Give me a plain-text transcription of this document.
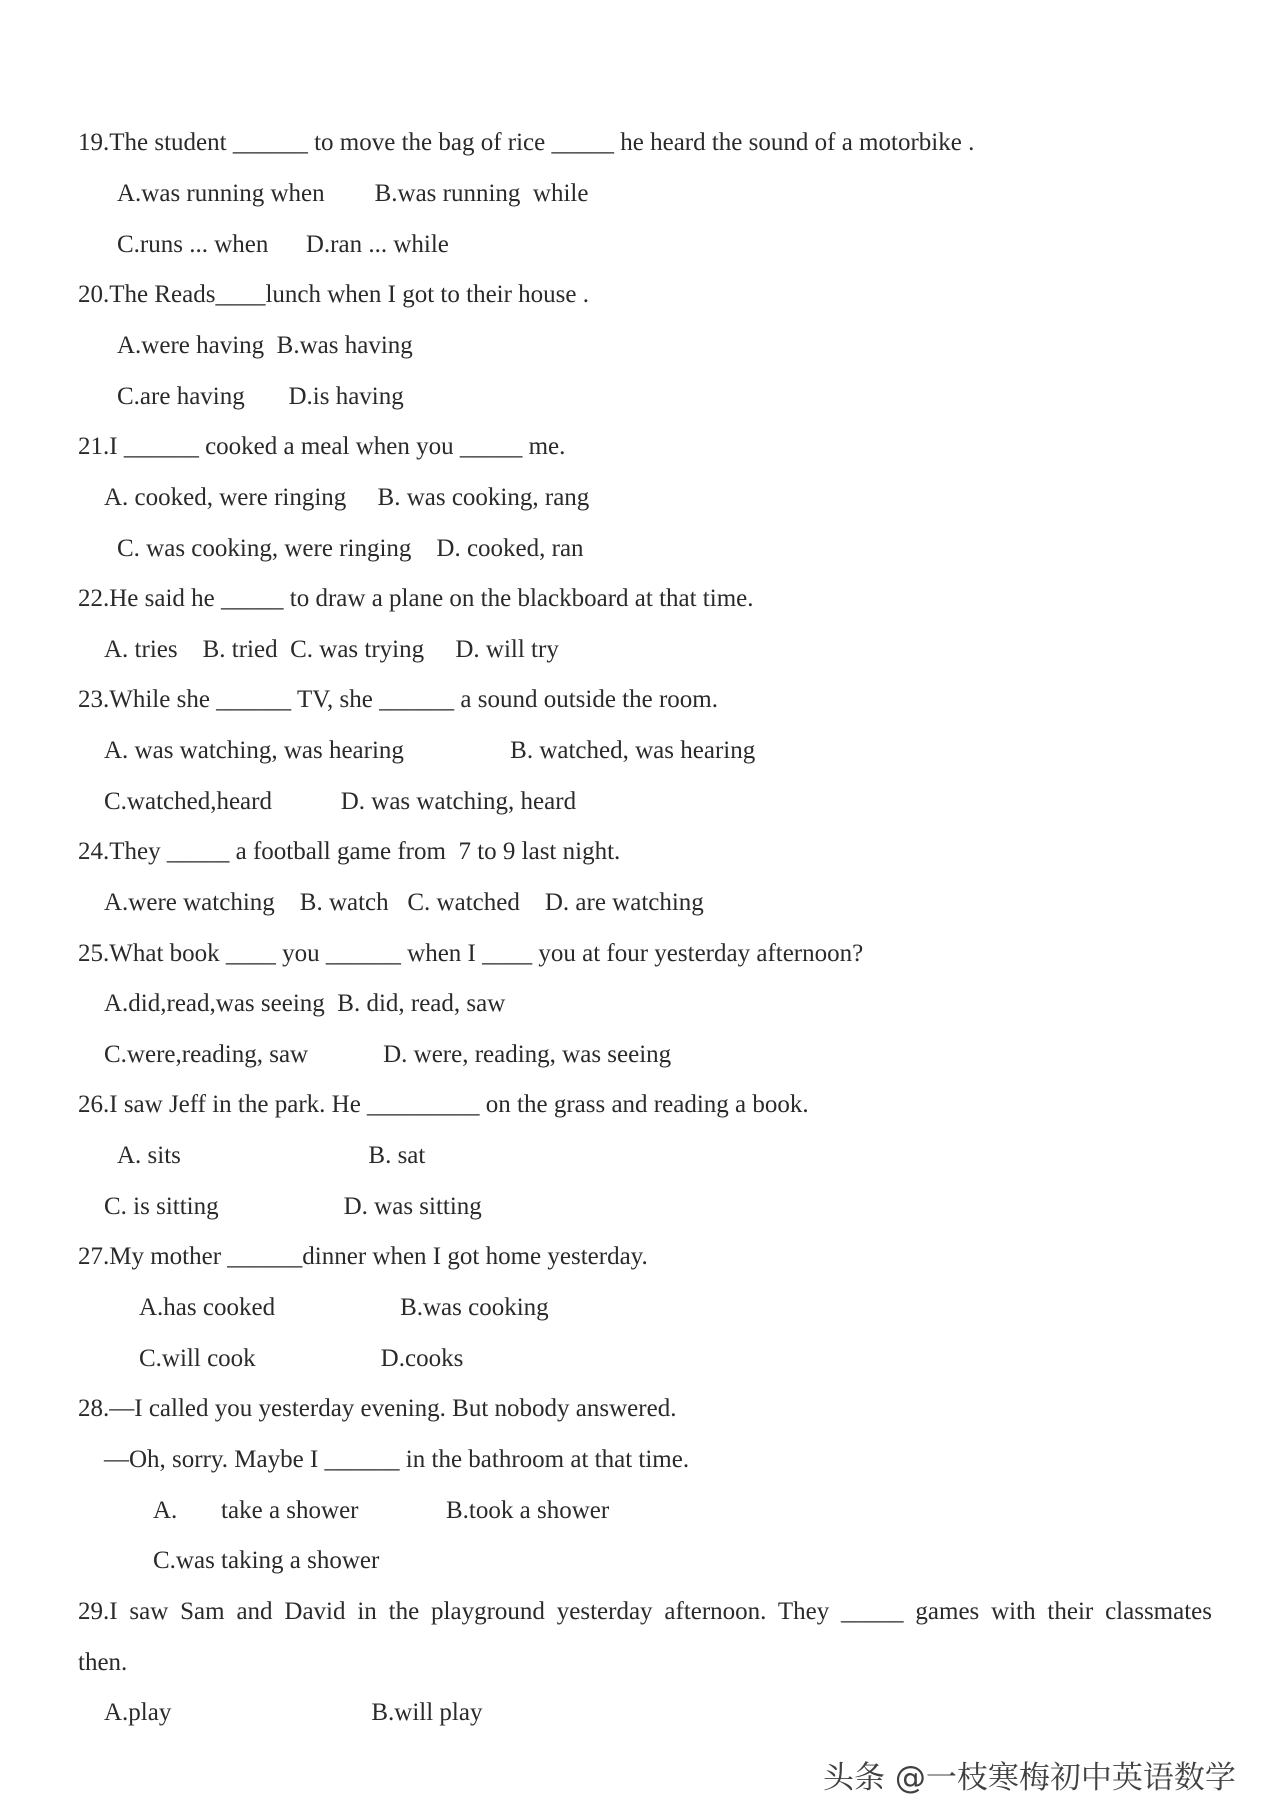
19.The student ______ to move the bag of rice _____ he heard the sound of a motorbike .
A.was running when        B.was running  while
C.runs ... when      D.ran ... while
20.The Reads____lunch when I got to their house .
A.were having  B.was having
C.are having       D.is having
21.I ______ cooked a meal when you _____ me.
A. cooked, were ringing     B. was cooking, rang
C. was cooking, were ringing    D. cooked, ran
22.He said he _____ to draw a plane on the blackboard at that time.
A. tries    B. tried  C. was trying     D. will try
23.While she ______ TV, she ______ a sound outside the room.
A. was watching, was hearing                 B. watched, was hearing
C.watched,heard           D. was watching, heard
24.They _____ a football game from  7 to 9 last night.
A.were watching    B. watch   C. watched    D. are watching
25.What book ____ you ______ when I ____ you at four yesterday afternoon?
A.did,read,was seeing  B. did, read, saw
C.were,reading, saw            D. were, reading, was seeing
26.I saw Jeff in the park. He _________ on the grass and reading a book.
A. sits                              B. sat
C. is sitting                    D. was sitting
27.My mother ______dinner when I got home yesterday.
A.has cooked                    B.was cooking
C.will cook                    D.cooks
28.—I called you yesterday evening. But nobody answered.
—Oh, sorry. Maybe I ______ in the bathroom at that time.
A.       take a shower              B.took a shower
C.was taking a shower
29.I saw Sam and David in the playground yesterday afternoon. They _____ games with their classmates
then.
A.play                                B.will play
头条 @一枝寒梅初中英语数学
